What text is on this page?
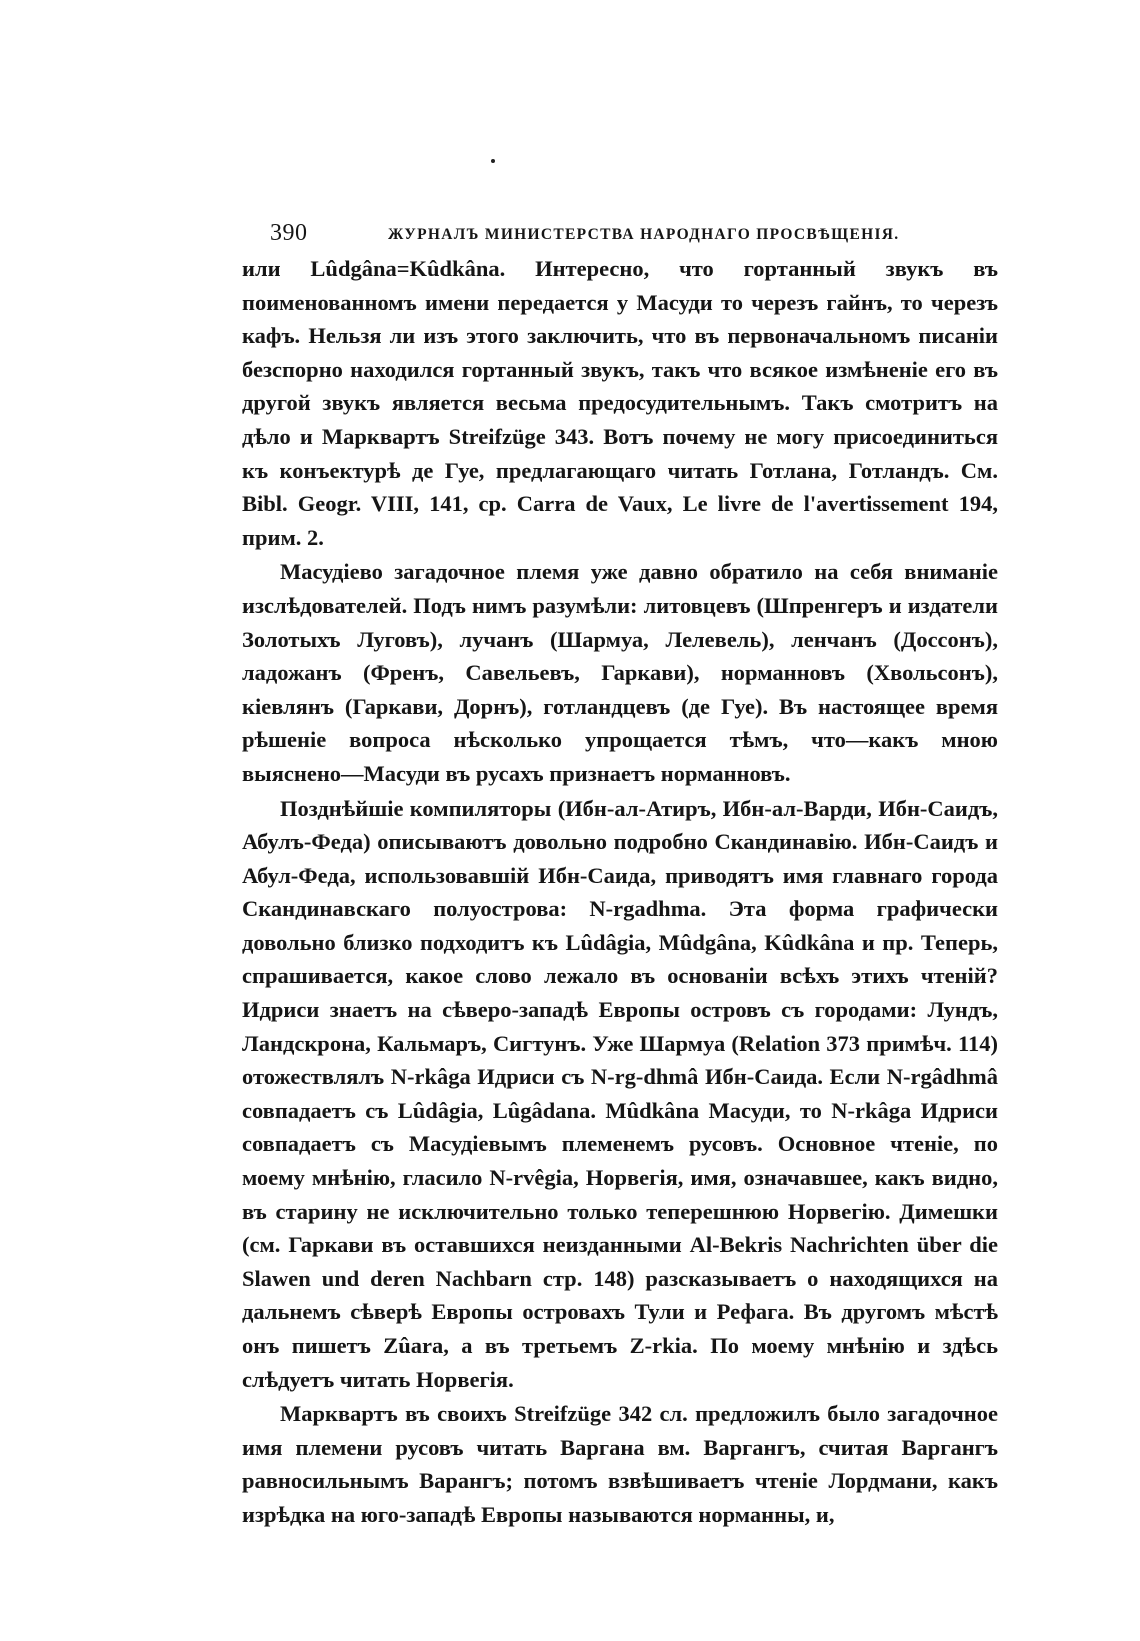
390	ЖУРНАЛЪ МИНИСТЕРСТВА НАРОДНАГО ПРОСВѢЩЕНІЯ.

или Lûdgâna=Kûdkâna. Интересно, что гортанный звукъ въ поименованномъ имени передается у Масуди то черезъ гайнъ, то черезъ кафъ. Нельзя ли изъ этого заключить, что въ первоначальномъ писаніи безспорно находился гортанный звукъ, такъ что всякое измѣненіе его въ другой звукъ является весьма предосудительнымъ. Такъ смотритъ на дѣло и Марквартъ Streifzüge 343. Вотъ почему не могу присоединиться къ конъектурѣ де Гуе, предлагающаго читать Готлана, Готландъ. См. Bibl. Geogr. VIII, 141, ср. Carra de Vaux, Le livre de l'avertissement 194, прим. 2.

Масудіево загадочное племя уже давно обратило на себя вниманіе изслѣдователей. Подъ нимъ разумѣли: литовцевъ (Шпренгеръ и издатели Золотыхъ Луговъ), лучанъ (Шармуа, Лелевель), ленчанъ (Доссонъ), ладожанъ (Френъ, Савельевъ, Гаркави), норманновъ (Хвольсонъ), кіевлянъ (Гаркави, Дорнъ), готландцевъ (де Гуе). Въ настоящее время рѣшеніе вопроса нѣсколько упрощается тѣмъ, что—какъ мною выяснено—Масуди въ русахъ признаетъ норманновъ.

Позднѣйшіе компиляторы (Ибн-ал-Атиръ, Ибн-ал-Варди, Ибн-Саидъ, Абулъ-Феда) описываютъ довольно подробно Скандинавію. Ибн-Саидъ и Абул-Феда, использовавшій Ибн-Саида, приводятъ имя главнаго города Скандинавскаго полуострова: N-rgadhma. Эта форма графически довольно близко подходитъ къ Lûdâgia, Mûdgâna, Kûdkâna и пр. Теперь, спрашивается, какое слово лежало въ основаніи всѣхъ этихъ чтеній? Идриси знаетъ на сѣверо-западѣ Европы островъ съ городами: Лундъ, Ландскрона, Кальмаръ, Сигтунъ. Уже Шармуа (Relation 373 примѣч. 114) отожествлялъ N-rkâga Идриси съ N-rg-dhmâ Ибн-Саида. Если N-rgâdhmâ совпадаетъ съ Lûdâgia, Lûgâdana. Mûdkâna Масуди, то N-rkâga Идриси совпадаетъ съ Масудіевымъ племенемъ русовъ. Основное чтеніе, по моему мнѣнію, гласило N-rvêgia, Норвегія, имя, означавшее, какъ видно, въ старину не исключительно только теперешнюю Норвегію. Димешки (см. Гаркави въ оставшихся неизданными Al-Bekris Nachrichten über die Slawen und deren Nachbarn стр. 148) разсказываетъ о находящихся на дальнемъ сѣверѣ Европы островахъ Тули и Рефага. Въ другомъ мѣстѣ онъ пишетъ Zûara, а въ третьемъ Z-rkia. По моему мнѣнію и здѣсь слѣдуетъ читать Норвегія.

Марквартъ въ своихъ Streifzüge 342 сл. предложилъ было загадочное имя племени русовъ читать Варгана вм. Варгангъ, считая Варгангъ равносильнымъ Варангъ; потомъ взвѣшиваетъ чтеніе Лордмани, какъ изрѣдка на юго-западѣ Европы называются норманны, и,
